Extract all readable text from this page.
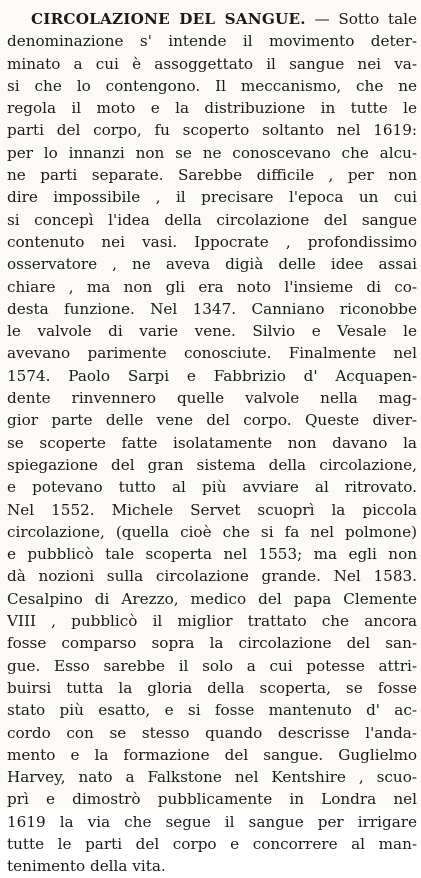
CIRCOLAZIONE DEL SANGUE. — Sotto tale
denominazione s' intende il movimento deter-
minato a cui è assoggettato il sangue nei va-
si che lo contengono. Il meccanismo, che ne
regola il moto e la distribuzione in tutte le
parti del corpo, fu scoperto soltanto nel 1619:
per lo innanzi non se ne conoscevano che alcu-
ne parti separate. Sarebbe difficile , per non
dire impossibile , il precisare l'epoca un cui
si concepì l'idea della circolazione del sangue
contenuto nei vasi. Ippocrate , profondissimo
osservatore , ne aveva digià delle idee assai
chiare , ma non gli era noto l'insieme di co-
desta funzione. Nel 1347. Canniano riconobbe
le valvole di varie vene. Silvio e Vesale le
avevano parimente conosciute. Finalmente nel
1574. Paolo Sarpi e Fabbrizio d' Acquapen-
dente rinvennero quelle valvole nella mag-
gior parte delle vene del corpo. Queste diver-
se scoperte fatte isolatamente non davano la
spiegazione del gran sistema della circolazione,
e potevano tutto al più avviare al ritrovato.
Nel 1552. Michele Servet scuoprì la piccola
circolazione, (quella cioè che si fa nel polmone)
e pubblicò tale scoperta nel 1553; ma egli non
dà nozioni sulla circolazione grande. Nel 1583.
Cesalpino di Arezzo, medico del papa Clemente
VIII , pubblicò il miglior trattato che ancora
fosse comparso sopra la circolazione del san-
gue. Esso sarebbe il solo a cui potesse attri-
buirsi tutta la gloria della scoperta, se fosse
stato più esatto, e si fosse mantenuto d' ac-
cordo con se stesso quando descrisse l'anda-
mento e la formazione del sangue. Guglielmo
Harvey, nato a Falkstone nel Kentshire , scuo-
prì e dimostrò pubblicamente in Londra nel
1619 la via che segue il sangue per irrigare
tutte le parti del corpo e concorrere al man-
tenimento della vita.
